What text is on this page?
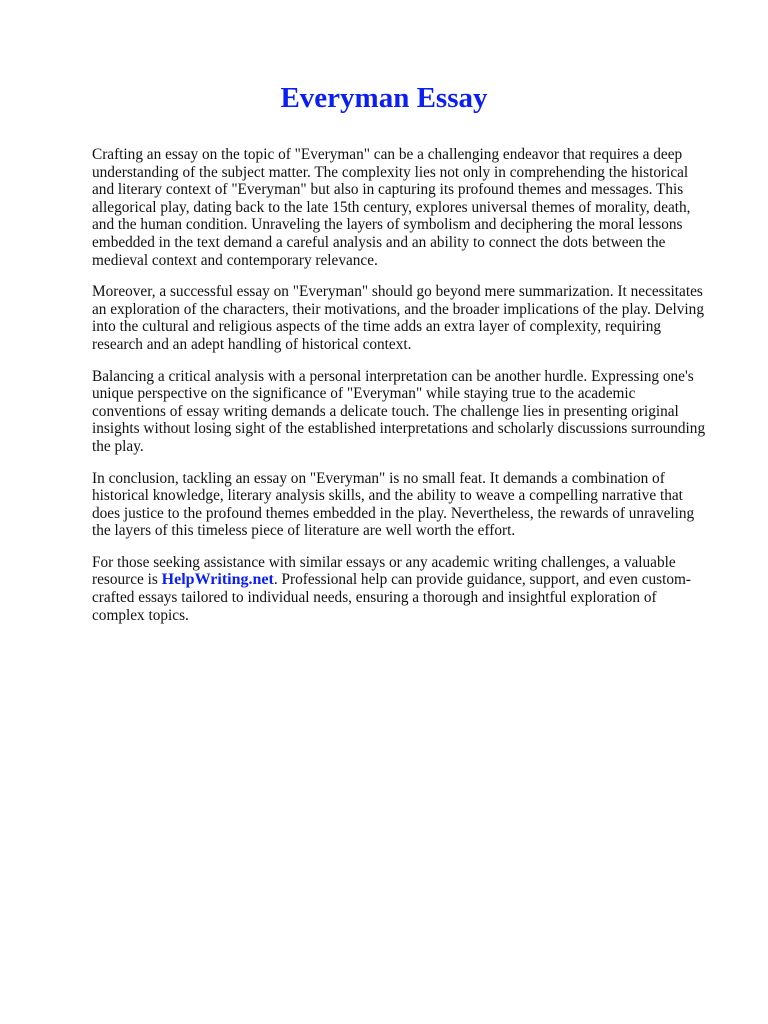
Everyman Essay

Crafting an essay on the topic of "Everyman" can be a challenging endeavor that requires a deep understanding of the subject matter. The complexity lies not only in comprehending the historical and literary context of "Everyman" but also in capturing its profound themes and messages. This allegorical play, dating back to the late 15th century, explores universal themes of morality, death, and the human condition. Unraveling the layers of symbolism and deciphering the moral lessons embedded in the text demand a careful analysis and an ability to connect the dots between the medieval context and contemporary relevance.

Moreover, a successful essay on "Everyman" should go beyond mere summarization. It necessitates an exploration of the characters, their motivations, and the broader implications of the play. Delving into the cultural and religious aspects of the time adds an extra layer of complexity, requiring research and an adept handling of historical context.

Balancing a critical analysis with a personal interpretation can be another hurdle. Expressing one's unique perspective on the significance of "Everyman" while staying true to the academic conventions of essay writing demands a delicate touch. The challenge lies in presenting original insights without losing sight of the established interpretations and scholarly discussions surrounding the play.

In conclusion, tackling an essay on "Everyman" is no small feat. It demands a combination of historical knowledge, literary analysis skills, and the ability to weave a compelling narrative that does justice to the profound themes embedded in the play. Nevertheless, the rewards of unraveling the layers of this timeless piece of literature are well worth the effort.

For those seeking assistance with similar essays or any academic writing challenges, a valuable resource is HelpWriting.net. Professional help can provide guidance, support, and even custom-crafted essays tailored to individual needs, ensuring a thorough and insightful exploration of complex topics.
